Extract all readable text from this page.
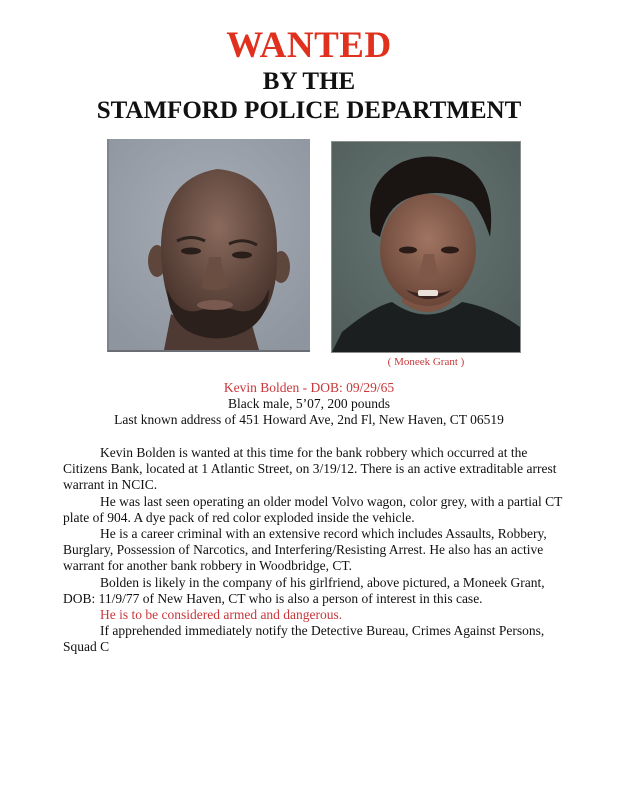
WANTED
BY THE
STAMFORD POLICE DEPARTMENT
( Moneek Grant )
Kevin Bolden - DOB: 09/29/65
Black male, 5’07, 200 pounds
Last known address of 451 Howard Ave, 2nd Fl, New Haven, CT 06519

Kevin Bolden is wanted at this time for the bank robbery which occurred at the Citizens Bank, located at 1 Atlantic Street, on 3/19/12. There is an active extraditable arrest warrant in NCIC.

He was last seen operating an older model Volvo wagon, color grey, with a partial CT plate of 904. A dye pack of red color exploded inside the vehicle.

He is a career criminal with an extensive record which includes Assaults, Robbery, Burglary, Possession of Narcotics, and Interfering/Resisting Arrest. He also has an active warrant for another bank robbery in Woodbridge, CT.

Bolden is likely in the company of his girlfriend, above pictured, a Moneek Grant, DOB: 11/9/77 of New Haven, CT who is also a person of interest in this case.

He is to be considered armed and dangerous.

If apprehended immediately notify the Detective Bureau, Crimes Against Persons, Squad C
